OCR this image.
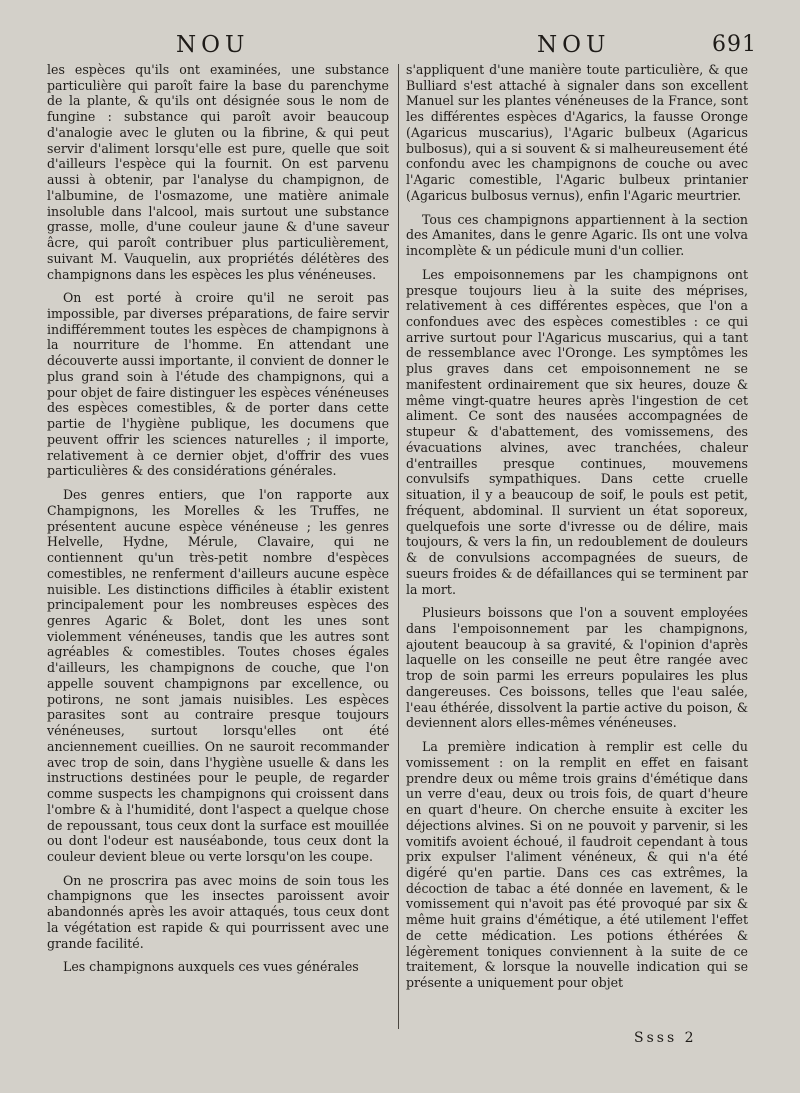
NOU	NOU	691

les espèces qu'ils ont examinées, une substance particulière qui paroît faire la base du parenchyme de la plante, & qu'ils ont désignée sous le nom de fungine : substance qui paroît avoir beaucoup d'analogie avec le gluten ou la fibrine, & qui peut servir d'aliment lorsqu'elle est pure, quelle que soit d'ailleurs l'espèce qui la fournit. On est parvenu aussi à obtenir, par l'analyse du champignon, de l'albumine, de l'osmazome, une matière animale insoluble dans l'alcool, mais surtout une substance grasse, molle, d'une couleur jaune & d'une saveur âcre, qui paroît contribuer plus particulièrement, suivant M. Vauquelin, aux propriétés délétères des champignons dans les espèces les plus vénéneuses.

On est porté à croire qu'il ne seroit pas impossible, par diverses préparations, de faire servir indifféremment toutes les espèces de champignons à la nourriture de l'homme. En attendant une découverte aussi importante, il convient de donner le plus grand soin à l'étude des champignons, qui a pour objet de faire distinguer les espèces vénéneuses des espèces comestibles, & de porter dans cette partie de l'hygiène publique, les documens que peuvent offrir les sciences naturelles ; il importe, relativement à ce dernier objet, d'offrir des vues particulières & des considérations générales.

Des genres entiers, que l'on rapporte aux Champignons, les Morelles & les Truffes, ne présentent aucune espèce vénéneuse ; les genres Helvelle, Hydne, Mérule, Clavaire, qui ne contiennent qu'un très-petit nombre d'espèces comestibles, ne renferment d'ailleurs aucune espèce nuisible. Les distinctions difficiles à établir existent principalement pour les nombreuses espèces des genres Agaric & Bolet, dont les unes sont violemment vénéneuses, tandis que les autres sont agréables & comestibles. Toutes choses égales d'ailleurs, les champignons de couche, que l'on appelle souvent champignons par excellence, ou potirons, ne sont jamais nuisibles. Les espèces parasites sont au contraire presque toujours vénéneuses, surtout lorsqu'elles ont été anciennement cueillies. On ne sauroit recommander avec trop de soin, dans l'hygiène usuelle & dans les instructions destinées pour le peuple, de regarder comme suspects les champignons qui croissent dans l'ombre & à l'humidité, dont l'aspect a quelque chose de repoussant, tous ceux dont la surface est mouillée ou dont l'odeur est nauséabonde, tous ceux dont la couleur devient bleue ou verte lorsqu'on les coupe.

On ne proscrira pas avec moins de soin tous les champignons que les insectes paroissent avoir abandonnés après les avoir attaqués, tous ceux dont la végétation est rapide & qui pourrissent avec une grande facilité.

Les champignons auxquels ces vues générales

s'appliquent d'une manière toute particulière, & que Bulliard s'est attaché à signaler dans son excellent Manuel sur les plantes vénéneuses de la France, sont les différentes espèces d'Agarics, la fausse Oronge (Agaricus muscarius), l'Agaric bulbeux (Agaricus bulbosus), qui a si souvent & si malheureusement été confondu avec les champignons de couche ou avec l'Agaric comestible, l'Agaric bulbeux printanier (Agaricus bulbosus vernus), enfin l'Agaric meurtrier.

Tous ces champignons appartiennent à la section des Amanites, dans le genre Agaric. Ils ont une volva incomplète & un pédicule muni d'un collier.

Les empoisonnemens par les champignons ont presque toujours lieu à la suite des méprises, relativement à ces différentes espèces, que l'on a confondues avec des espèces comestibles : ce qui arrive surtout pour l'Agaricus muscarius, qui a tant de ressemblance avec l'Oronge. Les symptômes les plus graves dans cet empoisonnement ne se manifestent ordinairement que six heures, douze & même vingt-quatre heures après l'ingestion de cet aliment. Ce sont des nausées accompagnées de stupeur & d'abattement, des vomissemens, des évacuations alvines, avec tranchées, chaleur d'entrailles presque continues, mouvemens convulsifs sympathiques. Dans cette cruelle situation, il y a beaucoup de soif, le pouls est petit, fréquent, abdominal. Il survient un état soporeux, quelquefois une sorte d'ivresse ou de délire, mais toujours, & vers la fin, un redoublement de douleurs & de convulsions accompagnées de sueurs, de sueurs froides & de défaillances qui se terminent par la mort.

Plusieurs boissons que l'on a souvent employées dans l'empoisonnement par les champignons, ajoutent beaucoup à sa gravité, & l'opinion d'après laquelle on les conseille ne peut être rangée avec trop de soin parmi les erreurs populaires les plus dangereuses. Ces boissons, telles que l'eau salée, l'eau éthérée, dissolvent la partie active du poison, & deviennent alors elles-mêmes vénéneuses.

La première indication à remplir est celle du vomissement : on la remplit en effet en faisant prendre deux ou même trois grains d'émétique dans un verre d'eau, deux ou trois fois, de quart d'heure en quart d'heure. On cherche ensuite à exciter les déjections alvines. Si on ne pouvoit y parvenir, si les vomitifs avoient échoué, il faudroit cependant à tous prix expulser l'aliment vénéneux, & qui n'a été digéré qu'en partie. Dans ces cas extrêmes, la décoction de tabac a été donnée en lavement, & le vomissement qui n'avoit pas été provoqué par six & même huit grains d'émétique, a été utilement l'effet de cette médication. Les potions éthérées & légèrement toniques conviennent à la suite de ce traitement, & lorsque la nouvelle indication qui se présente a uniquement pour objet

Ssss 2
